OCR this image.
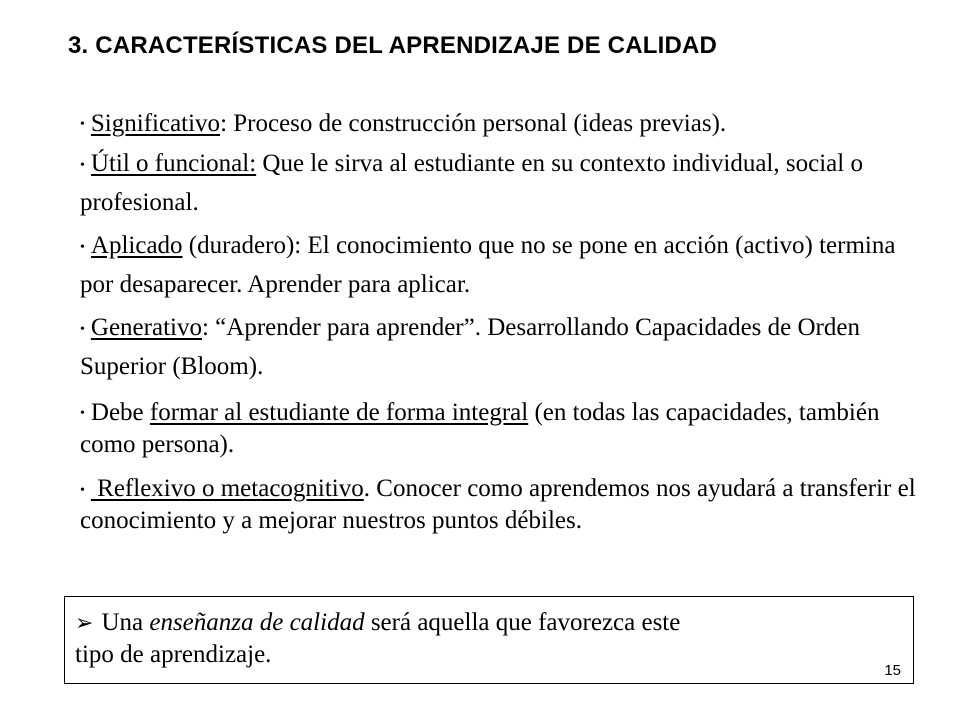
3. CARACTERÍSTICAS DEL APRENDIZAJE DE CALIDAD
• Significativo: Proceso de construcción personal (ideas previas).
• Útil o funcional: Que le sirva al estudiante en su contexto individual, social o profesional.
• Aplicado (duradero): El conocimiento que no se pone en acción (activo) termina por desaparecer. Aprender para aplicar.
• Generativo: “Aprender para aprender”. Desarrollando Capacidades de Orden Superior (Bloom).
• Debe formar al estudiante de forma integral (en todas las capacidades, también como persona).
• Reflexivo o metacognitivo. Conocer como aprendemos nos ayudará a transferir el conocimiento y a mejorar nuestros puntos débiles.
➢ Una enseñanza de calidad será aquella que favorezca este
tipo de aprendizaje.
15
